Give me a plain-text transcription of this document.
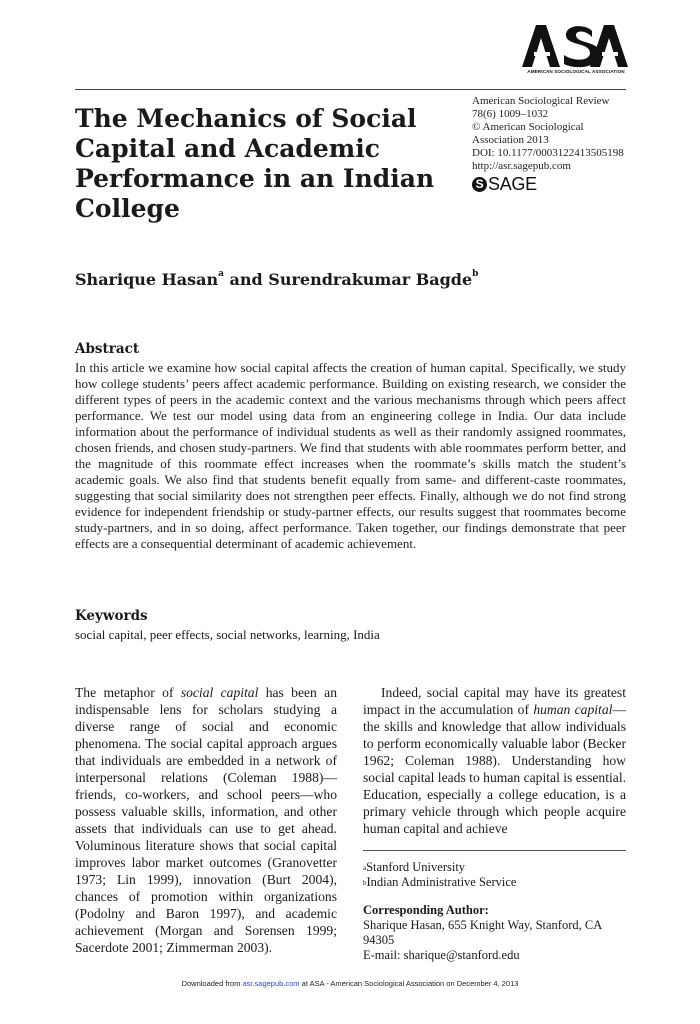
AMERICAN SOCIOLOGICAL ASSOCIATION
The Mechanics of Social Capital and Academic Performance in an Indian College
American Sociological Review
78(6) 1009–1032
© American Sociological
Association 2013
DOI: 10.1177/0003122413505198
http://asr.sagepub.com
S SAGE
Sharique Hasan$^a$ and Surendrakumar Bagde$^b$
Abstract

In this article we examine how social capital affects the creation of human capital. Specifically, we study how college students’ peers affect academic performance. Building on existing research, we consider the different types of peers in the academic context and the various mechanisms through which peers affect performance. We test our model using data from an engineering college in India. Our data include information about the performance of individual students as well as their randomly assigned roommates, chosen friends, and chosen study-partners. We find that students with able roommates perform better, and the magnitude of this roommate effect increases when the roommate’s skills match the student’s academic goals. We also find that students benefit equally from same- and different-caste roommates, suggesting that social similarity does not strengthen peer effects. Finally, although we do not find strong evidence for independent friendship or study-partner effects, our results suggest that roommates become study-partners, and in so doing, affect performance. Taken together, our findings demonstrate that peer effects are a consequential determinant of academic achievement.

Keywords

social capital, peer effects, social networks, learning, India

The metaphor of social capital has been an indispensable lens for scholars studying a diverse range of social and economic phenomena. The social capital approach argues that individuals are embedded in a network of interpersonal relations (Coleman 1988)—friends, co-workers, and school peers—who possess valuable skills, information, and other assets that individuals can use to get ahead. Voluminous literature shows that social capital improves labor market outcomes (Granovetter 1973; Lin 1999), innovation (Burt 2004), chances of promotion within organizations (Podolny and Baron 1997), and academic achievement (Morgan and Sorensen 1999; Sacerdote 2001; Zimmerman 2003).

Indeed, social capital may have its greatest impact in the accumulation of human capital—the skills and knowledge that allow individuals to perform economically valuable labor (Becker 1962; Coleman 1988). Understanding how social capital leads to human capital is essential. Education, especially a college education, is a primary vehicle through which people acquire human capital and achieve

$^a$Stanford University
$^b$Indian Administrative Service
Corresponding Author:
Sharique Hasan, 655 Knight Way, Stanford, CA
94305
E-mail: sharique@stanford.edu
Downloaded from asr.sagepub.com at ASA - American Sociological Association on December 4, 2013
